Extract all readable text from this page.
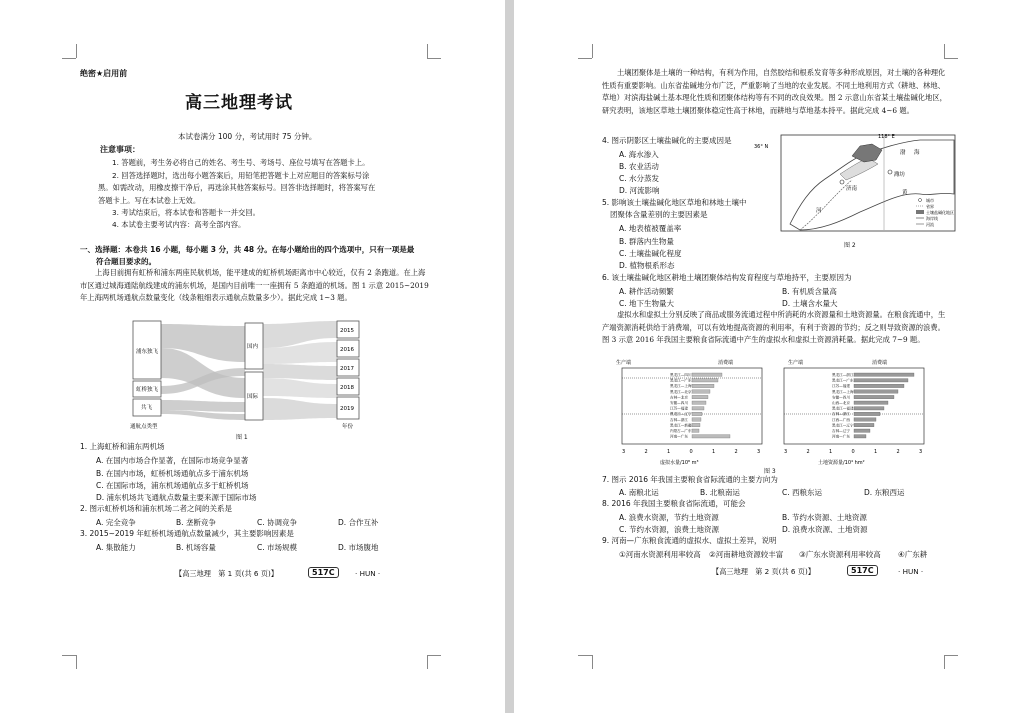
绝密★启用前
高三地理考试
本试卷满分 100 分，考试用时 75 分钟。
注意事项：
1. 答题前，考生务必将自己的姓名、考生号、考场号、座位号填写在答题卡上。
2. 回答选择题时，选出每小题答案后，用铅笔把答题卡上对应题目的答案标号涂
黑。如需改动，用橡皮擦干净后，再选涂其他答案标号。回答非选择题时，将答案写在
答题卡上。写在本试卷上无效。
3. 考试结束后，将本试卷和答题卡一并交回。
4. 本试卷主要考试内容：高考全部内容。
一、选择题：本卷共 16 小题，每小题 3 分，共 48 分。在每小题给出的四个选项中，只有一项是最
符合题目要求的。
上海目前拥有虹桥和浦东两座民航机场，能平建成的虹桥机场距离市中心较近，仅有 2 条跑道。在上海市区通过城海通陆航线建成的浦东机场，是国内目前唯一一座拥有 5 条跑道的机场。图 1 示意 2015~2019 年上海两机场通航点数量变化（线条粗细表示通航点数量多少）。据此完成 1~3 题。
浦东独飞
虹桥独飞
共飞
国内
国际
2015
2016
2017
2018
2019
通航点类型	年份
图 1
1. 上海虹桥和浦东两机场
A. 在国内市场合作显著，在国际市场竞争显著
B. 在国内市场，虹桥机场通航点多于浦东机场
C. 在国际市场，浦东机场通航点多于虹桥机场
D. 浦东机场共飞通航点数量主要来源于国际市场
2. 图示虹桥机场和浦东机场二者之间的关系是
A. 完全竞争	B. 垄断竞争	C. 协调竞争	D. 合作互补
3. 2015~2019 年虹桥机场通航点数量减少，其主要影响因素是
A. 集散能力	B. 机场容量	C. 市场规模	D. 市场腹地
【高三地理　第 1 页(共 6 页)】	517C	· HUN ·
土壤团聚体是土壤的一种结构，有利为作用，自然胶结和根系发育等多种形成原因，对土壤的各种理化性质有重要影响。山东省盐碱地分布广泛，严重影响了当地的农业发展。不同土地利用方式（耕地、林地、草地）对滨海盐碱土基本理化性质和团聚体结构等有不同的改良效果。图 2 示意山东省某土壤盐碱化地区，研究表明，该地区草地土壤团聚体稳定性高于林地，而耕地与草地基本持平。据此完成 4~6 题。
4. 图示阴影区土壤盐碱化的主要成因是
A. 海水渗入
B. 农业活动
C. 水分蒸发
D. 河流影响
5. 影响该土壤盐碱化地区草地和林地土壤中
团聚体含量差别的主要因素是
A. 地表植被覆盖率
B. 群落内生物量
C. 土壤盐碱化程度
D. 植物根系形态
118° E
36° N
济南
潍坊
黄
河
渤 海
城市
省界
土壤盐碱化地区
海岸线
河流
图 2
6. 该土壤盐碱化地区耕地土壤团聚体结构发育程度与草地持平，主要原因为
A. 耕作活动频繁	B. 有机质含量高
C. 地下生物量大	D. 土壤含水量大
虚拟水和虚拟土分别反映了商品或服务流通过程中所消耗的水资源量和土地资源量。在粮食流通中，生产端资源消耗供给于消费端，可以有效地提高资源的利用率，有利于资源的节约；反之则导致资源的浪费。图 3 示意 2016 年我国主要粮食省际流通中产生的虚拟水和虚拟土资源消耗量。据此完成 7~9 题。
生产端	消费端	生产端	消费端
黑龙江—四川
黑龙江—广东
黑龙江—上海
黑龙江—北京
吉林—北京
安徽—四川
江苏—福建
黑龙江—辽宁
吉林—浙江
黑龙江—新疆
内蒙古—广东
河南—广东
黑龙江—浙江
黑龙江—广东
江苏—福建
黑龙江—上海
安徽—四川
山西—北京
黑龙江—福建
吉林—浙江
江西—广西
黑龙江—辽宁
吉林—辽宁
河南—广东
3	2	1	0	1	2	3	3	2	1	0	1	2	3
虚拟水量/10⁸ m³	土地资源量/10⁴ hm²
图 3
7. 图示 2016 年我国主要粮食省际流通的主要方向为
A. 南粮北运	B. 北粮南运	C. 西粮东运	D. 东粮西运
8. 2016 年我国主要粮食省际流通，可能会
A. 浪费水资源，节约土地资源	B. 节约水资源、土地资源
C. 节约水资源，浪费土地资源	D. 浪费水资源、土地资源
9. 河南—广东粮食流通的虚拟水、虚拟土差异，说明
①河南水资源利用率较高 ②河南耕地资源较丰富 ③广东水资源利用率较高 ④广东耕
【高三地理　第 2 页(共 6 页)】	517C	· HUN ·
